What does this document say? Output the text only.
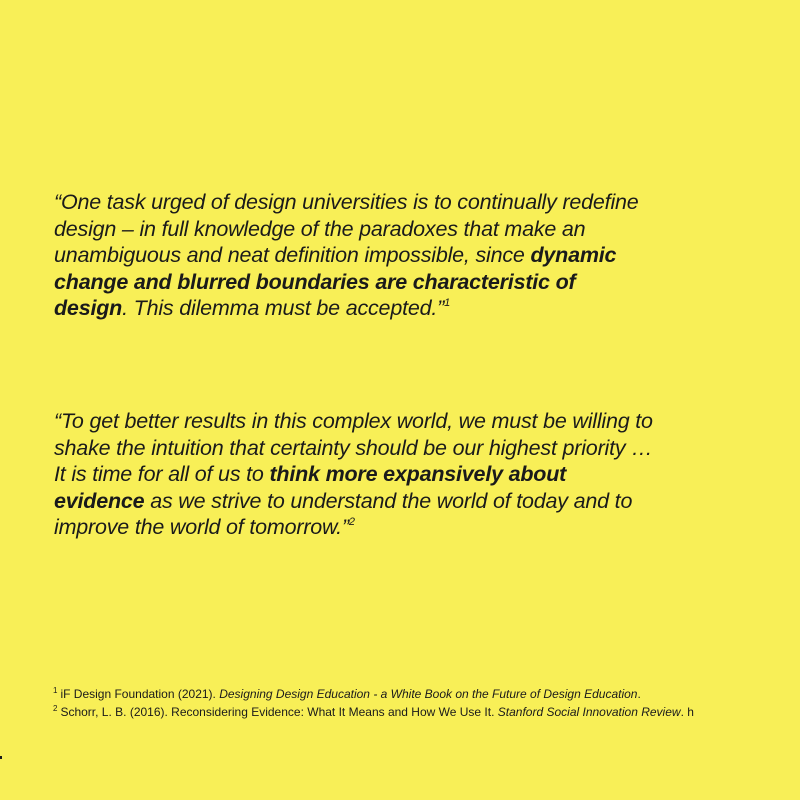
“One task urged of design universities is to continually redefine design – in full knowledge of the paradoxes that make an unambiguous and neat definition impossible, since dynamic change and blurred boundaries are characteristic of design. This dilemma must be accepted.”$^1$

“To get better results in this complex world, we must be willing to shake the intuition that certainty should be our highest priority … It is time for all of us to think more expansively about evidence as we strive to understand the world of today and to improve the world of tomorrow.”$^2$

$^1$ iF Design Foundation (2021). Designing Design Education - a White Book on the Future of Design Education.
$^2$ Schorr, L. B. (2016). Reconsidering Evidence: What It Means and How We Use It. Stanford Social Innovation Review. h
